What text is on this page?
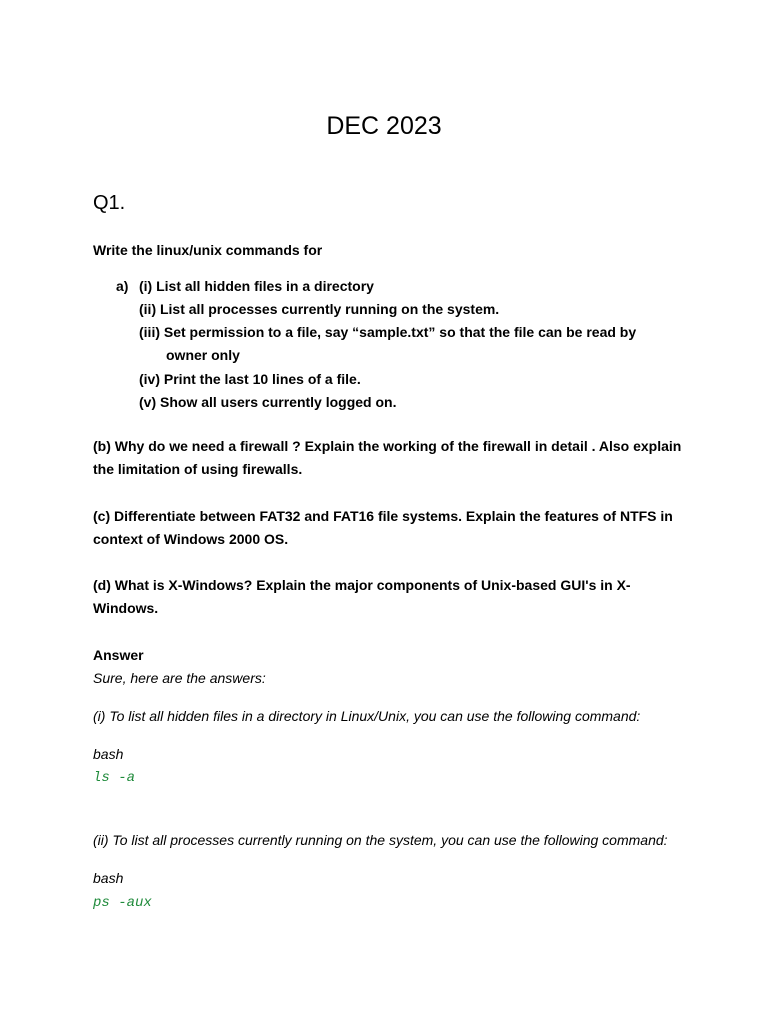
DEC 2023
Q1.
Write the linux/unix commands for
a) (i) List all hidden files in a directory
(ii) List all processes currently running on the system.
(iii) Set permission to a file, say “sample.txt” so that the file can be read by
owner only
(iv) Print the last 10 lines of a file.
(v) Show all users currently logged on.

(b) Why do we need a firewall ? Explain the working of the firewall in detail . Also explain the limitation of using firewalls.

(c) Differentiate between FAT32 and FAT16 file systems. Explain the features of NTFS in context of Windows 2000 OS.

(d) What is X-Windows? Explain the major components of Unix-based GUI's in X-Windows.

Answer
Sure, here are the answers:
(i) To list all hidden files in a directory in Linux/Unix, you can use the following command:
bash
ls -a
(ii) To list all processes currently running on the system, you can use the following command:
bash
ps -aux
